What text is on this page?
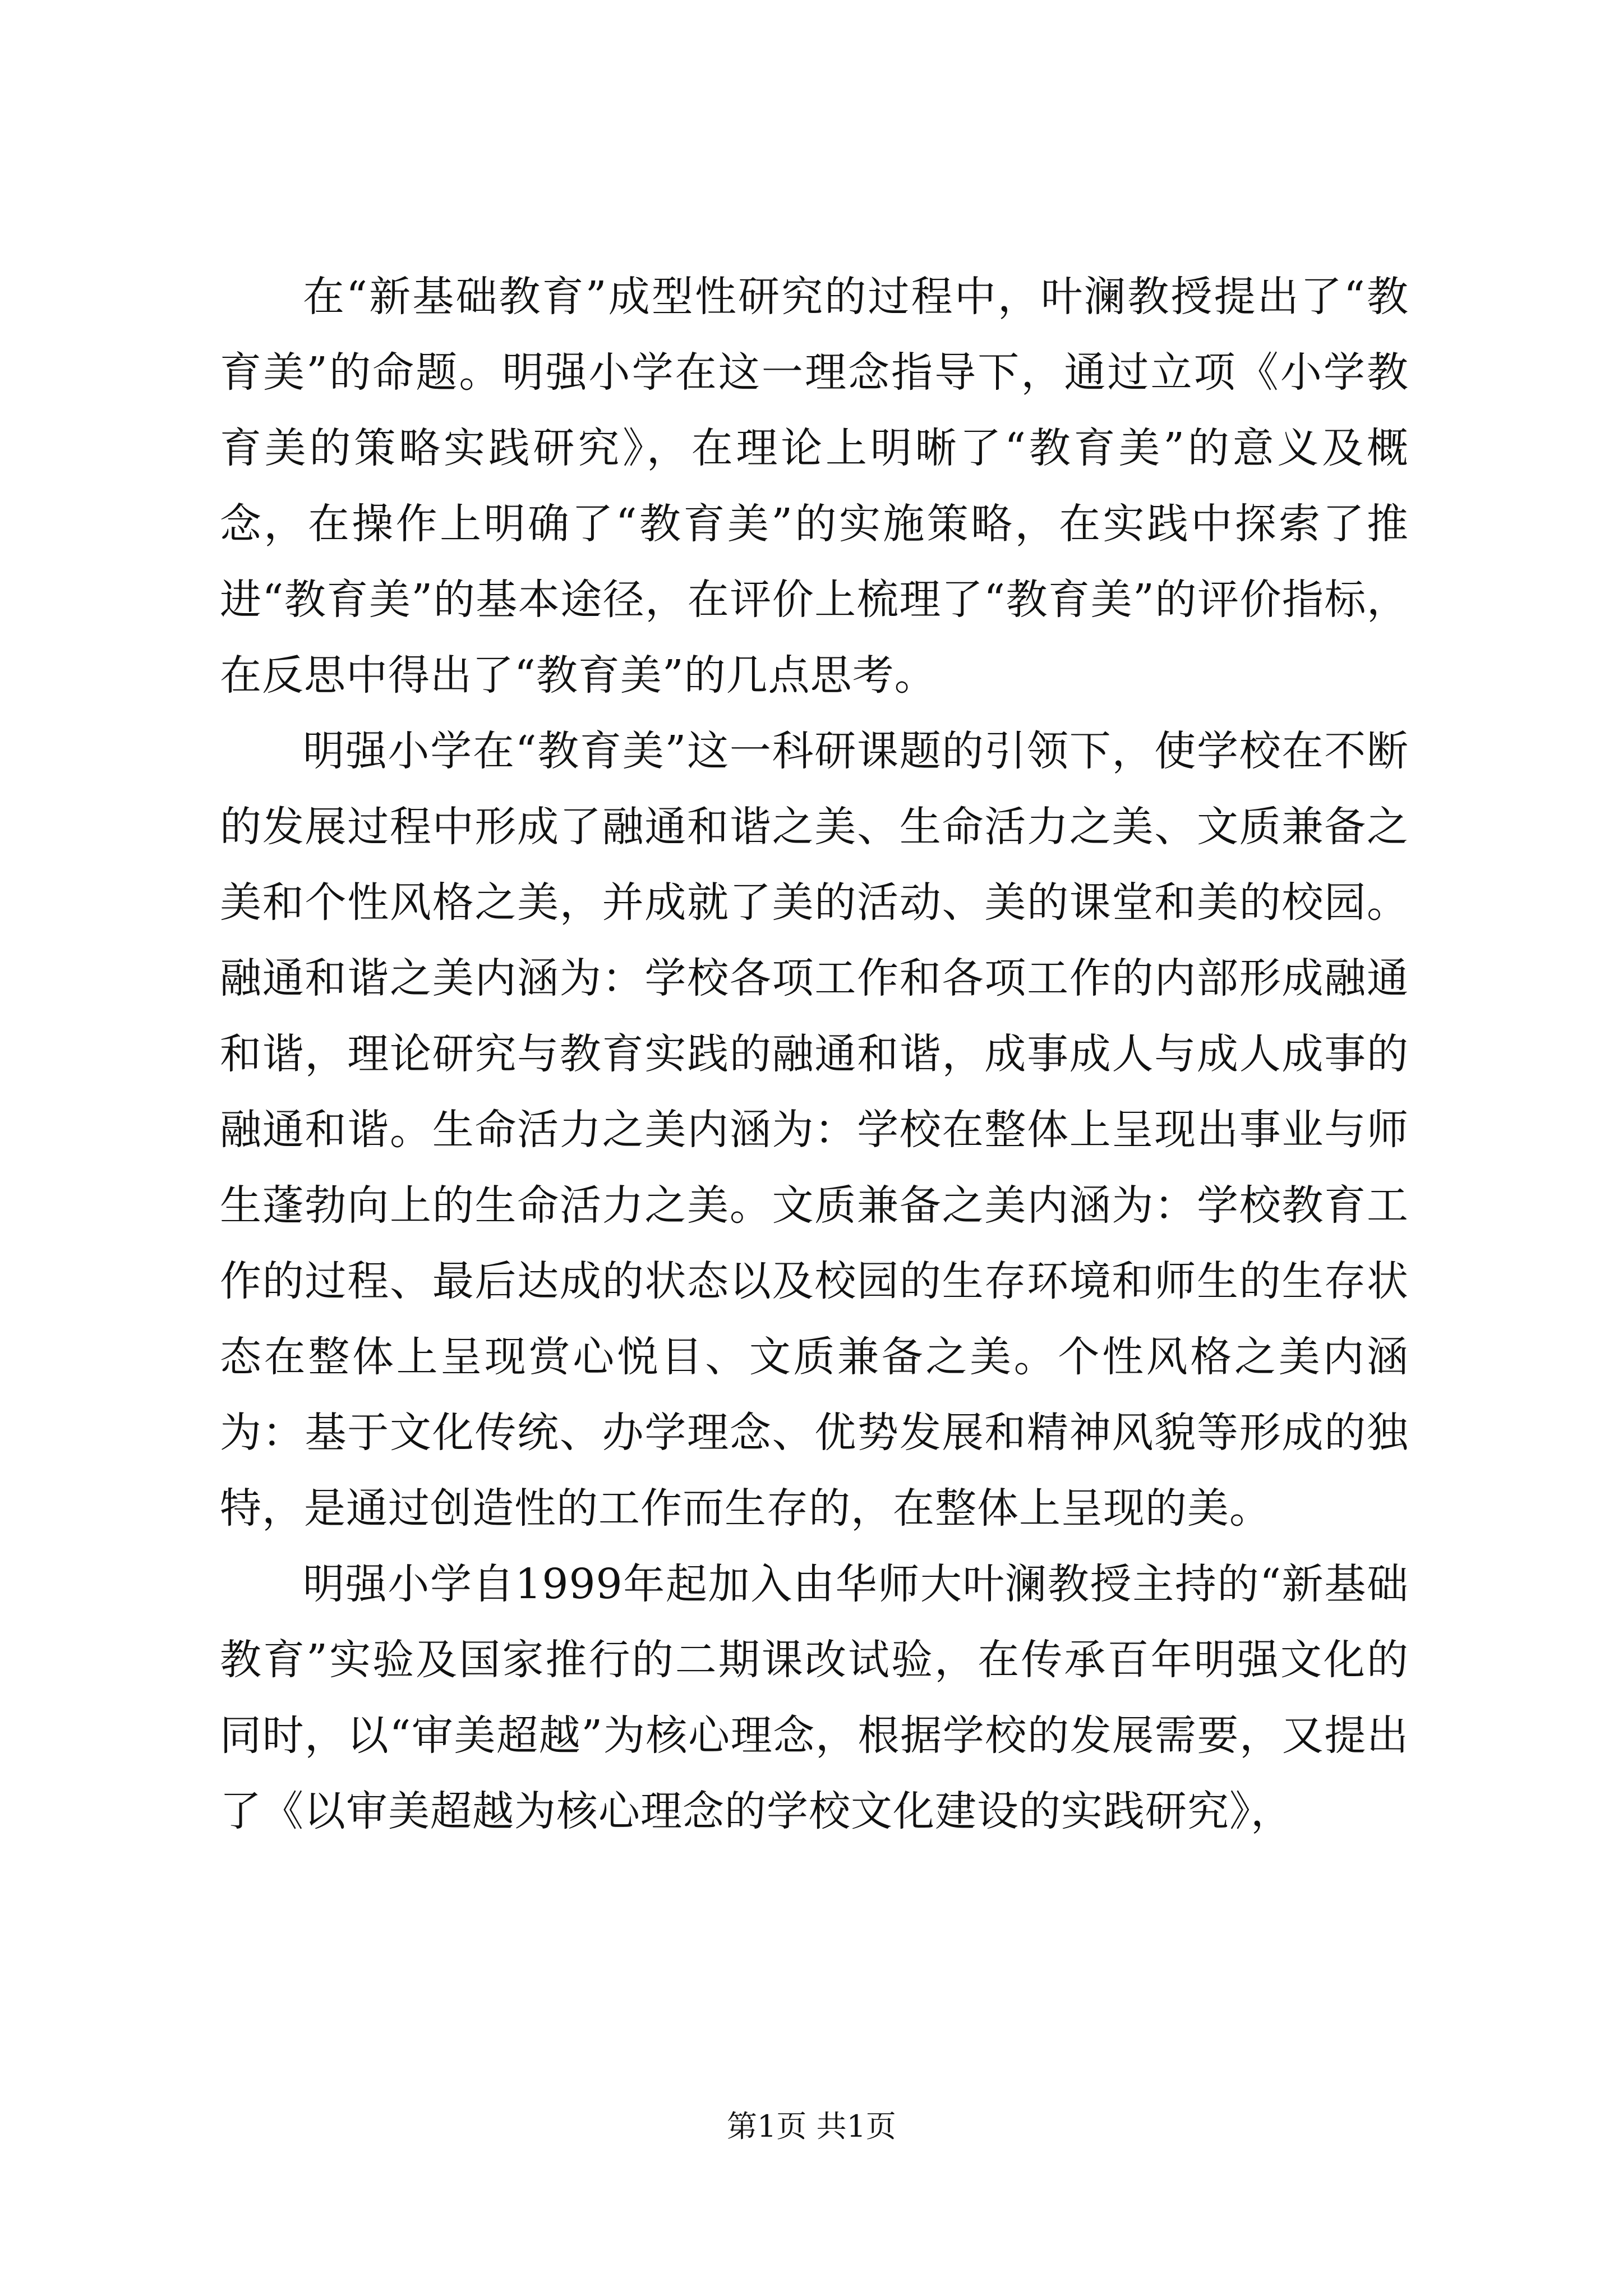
在“新基础教育”成型性研究的过程中，叶澜教授提出了“教育美”的命题。明强小学在这一理念指导下，通过立项《小学教育美的策略实践研究》，在理论上明晰了“教育美”的意义及概念，在操作上明确了“教育美”的实施策略，在实践中探索了推进“教育美”的基本途径，在评价上梳理了“教育美”的评价指标，在反思中得出了“教育美”的几点思考。

明强小学在“教育美”这一科研课题的引领下，使学校在不断的发展过程中形成了融通和谐之美、生命活力之美、文质兼备之美和个性风格之美，并成就了美的活动、美的课堂和美的校园。融通和谐之美内涵为：学校各项工作和各项工作的内部形成融通和谐，理论研究与教育实践的融通和谐，成事成人与成人成事的融通和谐。生命活力之美内涵为：学校在整体上呈现出事业与师生蓬勃向上的生命活力之美。文质兼备之美内涵为：学校教育工作的过程、最后达成的状态以及校园的生存环境和师生的生存状态在整体上呈现赏心悦目、文质兼备之美。个性风格之美内涵为：基于文化传统、办学理念、优势发展和精神风貌等形成的独特，是通过创造性的工作而生存的，在整体上呈现的美。

明强小学自1999年起加入由华师大叶澜教授主持的“新基础教育”实验及国家推行的二期课改试验，在传承百年明强文化的同时，以“审美超越”为核心理念，根据学校的发展需要，又提出了《以审美超越为核心理念的学校文化建设的实践研究》，

第1页 共1页
